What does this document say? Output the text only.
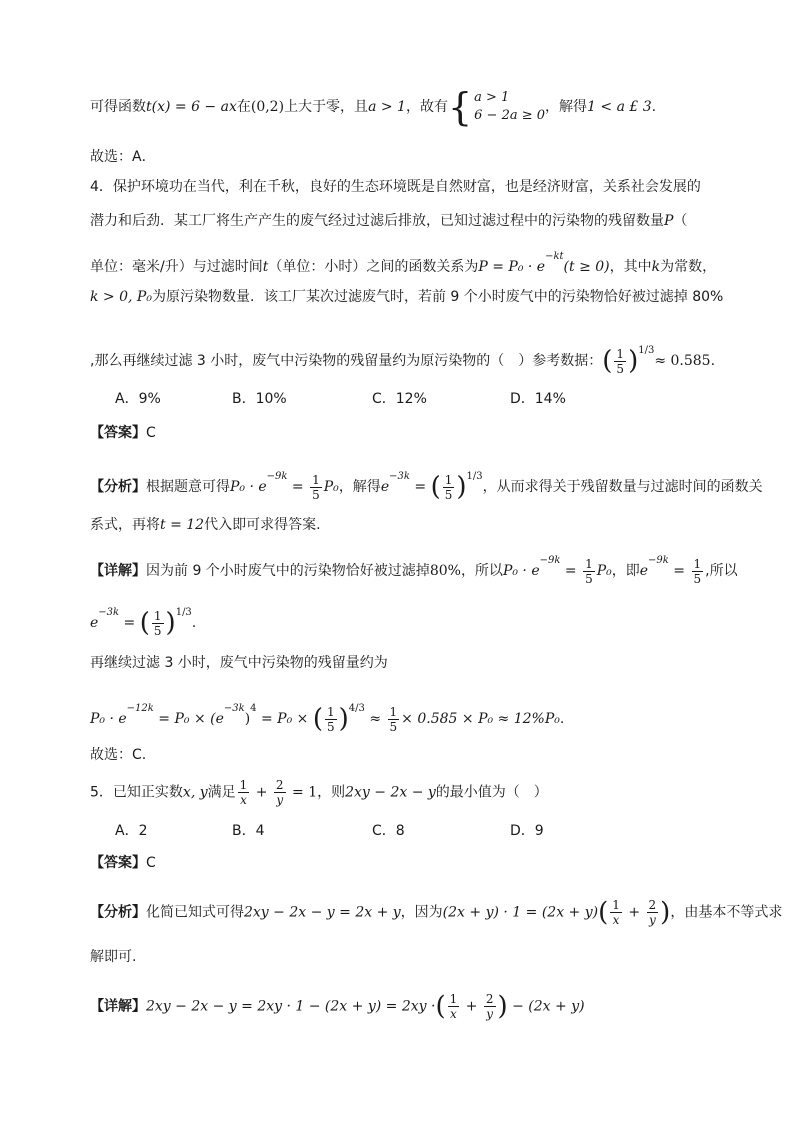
可得函数t(x) = 6 − ax在(0,2)上大于零，且a > 1，故有{ a > 1
6 − 2a ≥ 0
，解得1 < a £ 3.
故选：A．
4．保护环境功在当代，利在千秋，良好的生态环境既是自然财富，也是经济财富，关系社会发展的
潜力和后劲．某工厂将生产产生的废气经过过滤后排放，已知过滤过程中的污染物的残留数量P（
单位：毫米/升）与过滤时间t（单位：小时）之间的函数关系为$P = P_0 \cdot e^{-kt}(t \ge 0)$，其中k为常数，
k > 0, P₀为原污染物数量．该工厂某次过滤废气时，若前 9 个小时废气中的污染物恰好被过滤掉 80%
,那么再继续过滤 3 小时，废气中污染物的残留量约为原污染物的（　）参考数据：( $\frac{1}{5} )^{1/3}\approx 0.585$.
A．9%	B．10%	C．12%	D．14%
【答案】C
【分析】根据题意可得$P_0 \cdot e^{-9k} = \frac{1}{5} P_0$，解得$e^{-3k}$ = ( $\frac{1}{5} )^{1/3}$，从而求得关于残留数量与过滤时间的函数关
系式，再将t = 12代入即可求得答案.
【详解】因为前 9 个小时废气中的污染物恰好被过滤掉80%，所以$P_0 \cdot e^{-9k} = \frac{1}{5} P_0$，即$e^{-9k} = \frac{1}{5}$ ,所以
$e^{-3k}$ = ( $\frac{1}{5} )^{1/3}$.
再继续过滤 3 小时，废气中污染物的残留量约为
$P_0 \cdot e^{-12k} = P_0 \times (e^{-3k})^4 = P_0$ × ( $\frac{1}{5} )^{4/3} \approx \frac{1}{5} \times 0.585 \times P_0 \approx 12\%P_0$.
故选：C.
5．已知正实数x, y满足 $\frac{1}{x} + \frac{2}{y} = 1$，则2xy − 2x − y的最小值为（　）
A．2	B．4	C．8	D．9
【答案】C
【分析】化简已知式可得2xy − 2x − y = 2x + y，因为$(2x + y) \cdot 1 = (2x + y)( \frac{1}{x} + \frac{2}{y}$ )，由基本不等式求
解即可.
【详解】2xy − 2x − y = 2xy · 1 − (2x + y) = 2xy ·( $\frac{1}{x} + \frac{2}{y}$ ) − (2x + y)
